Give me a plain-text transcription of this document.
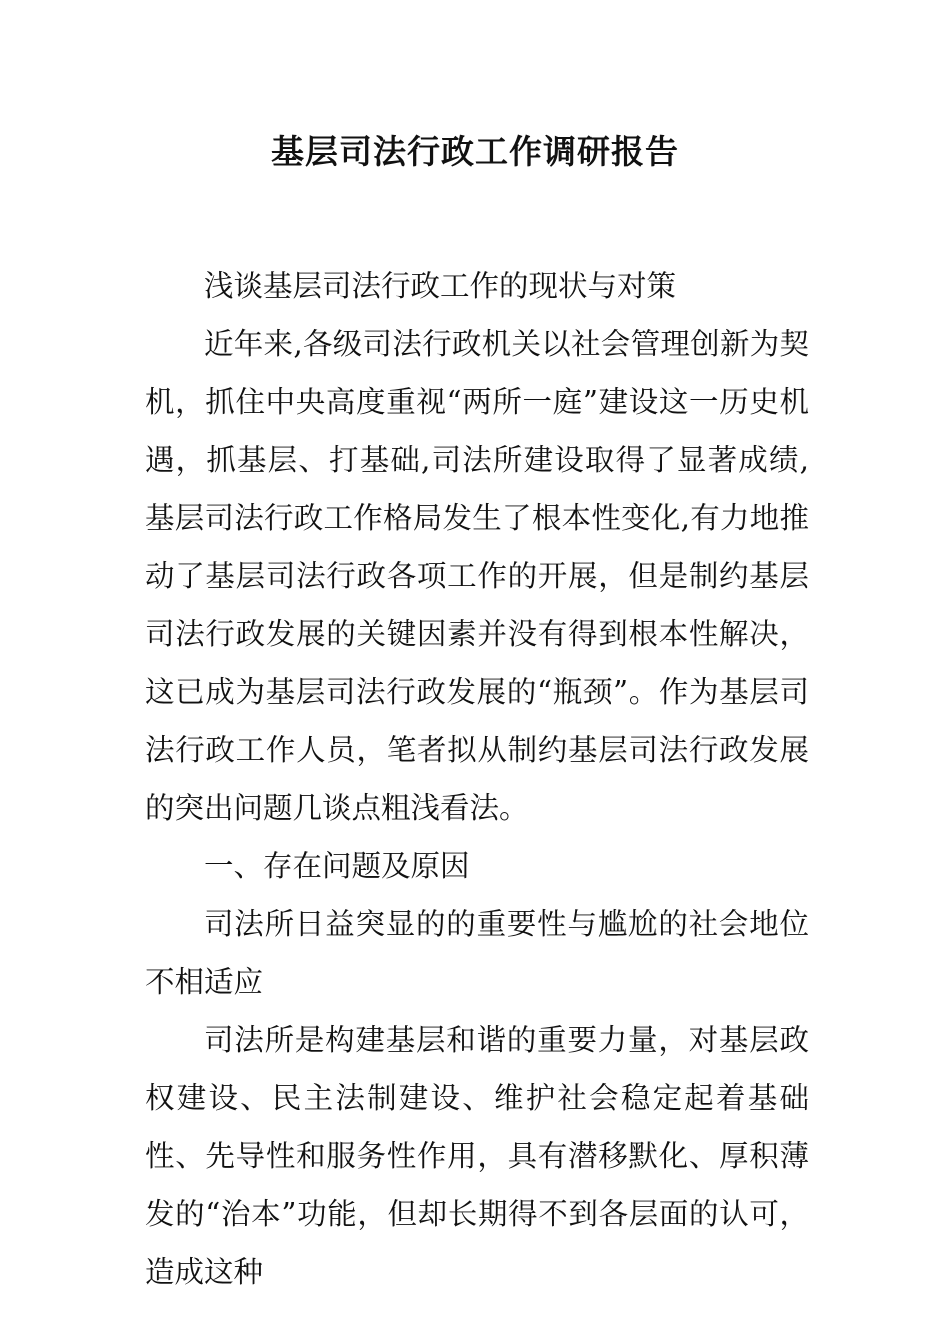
基层司法行政工作调研报告

浅谈基层司法行政工作的现状与对策

近年来,各级司法行政机关以社会管理创新为契机，抓住中央高度重视“两所一庭”建设这一历史机遇，抓基层、打基础,司法所建设取得了显著成绩,基层司法行政工作格局发生了根本性变化,有力地推动了基层司法行政各项工作的开展，但是制约基层司法行政发展的关键因素并没有得到根本性解决，这已成为基层司法行政发展的“瓶颈”。作为基层司法行政工作人员，笔者拟从制约基层司法行政发展的突出问题几谈点粗浅看法。

一、存在问题及原因

司法所日益突显的的重要性与尴尬的社会地位不相适应

司法所是构建基层和谐的重要力量，对基层政权建设、民主法制建设、维护社会稳定起着基础性、先导性和服务性作用，具有潜移默化、厚积薄发的“治本”功能，但却长期得不到各层面的认可，造成这种
